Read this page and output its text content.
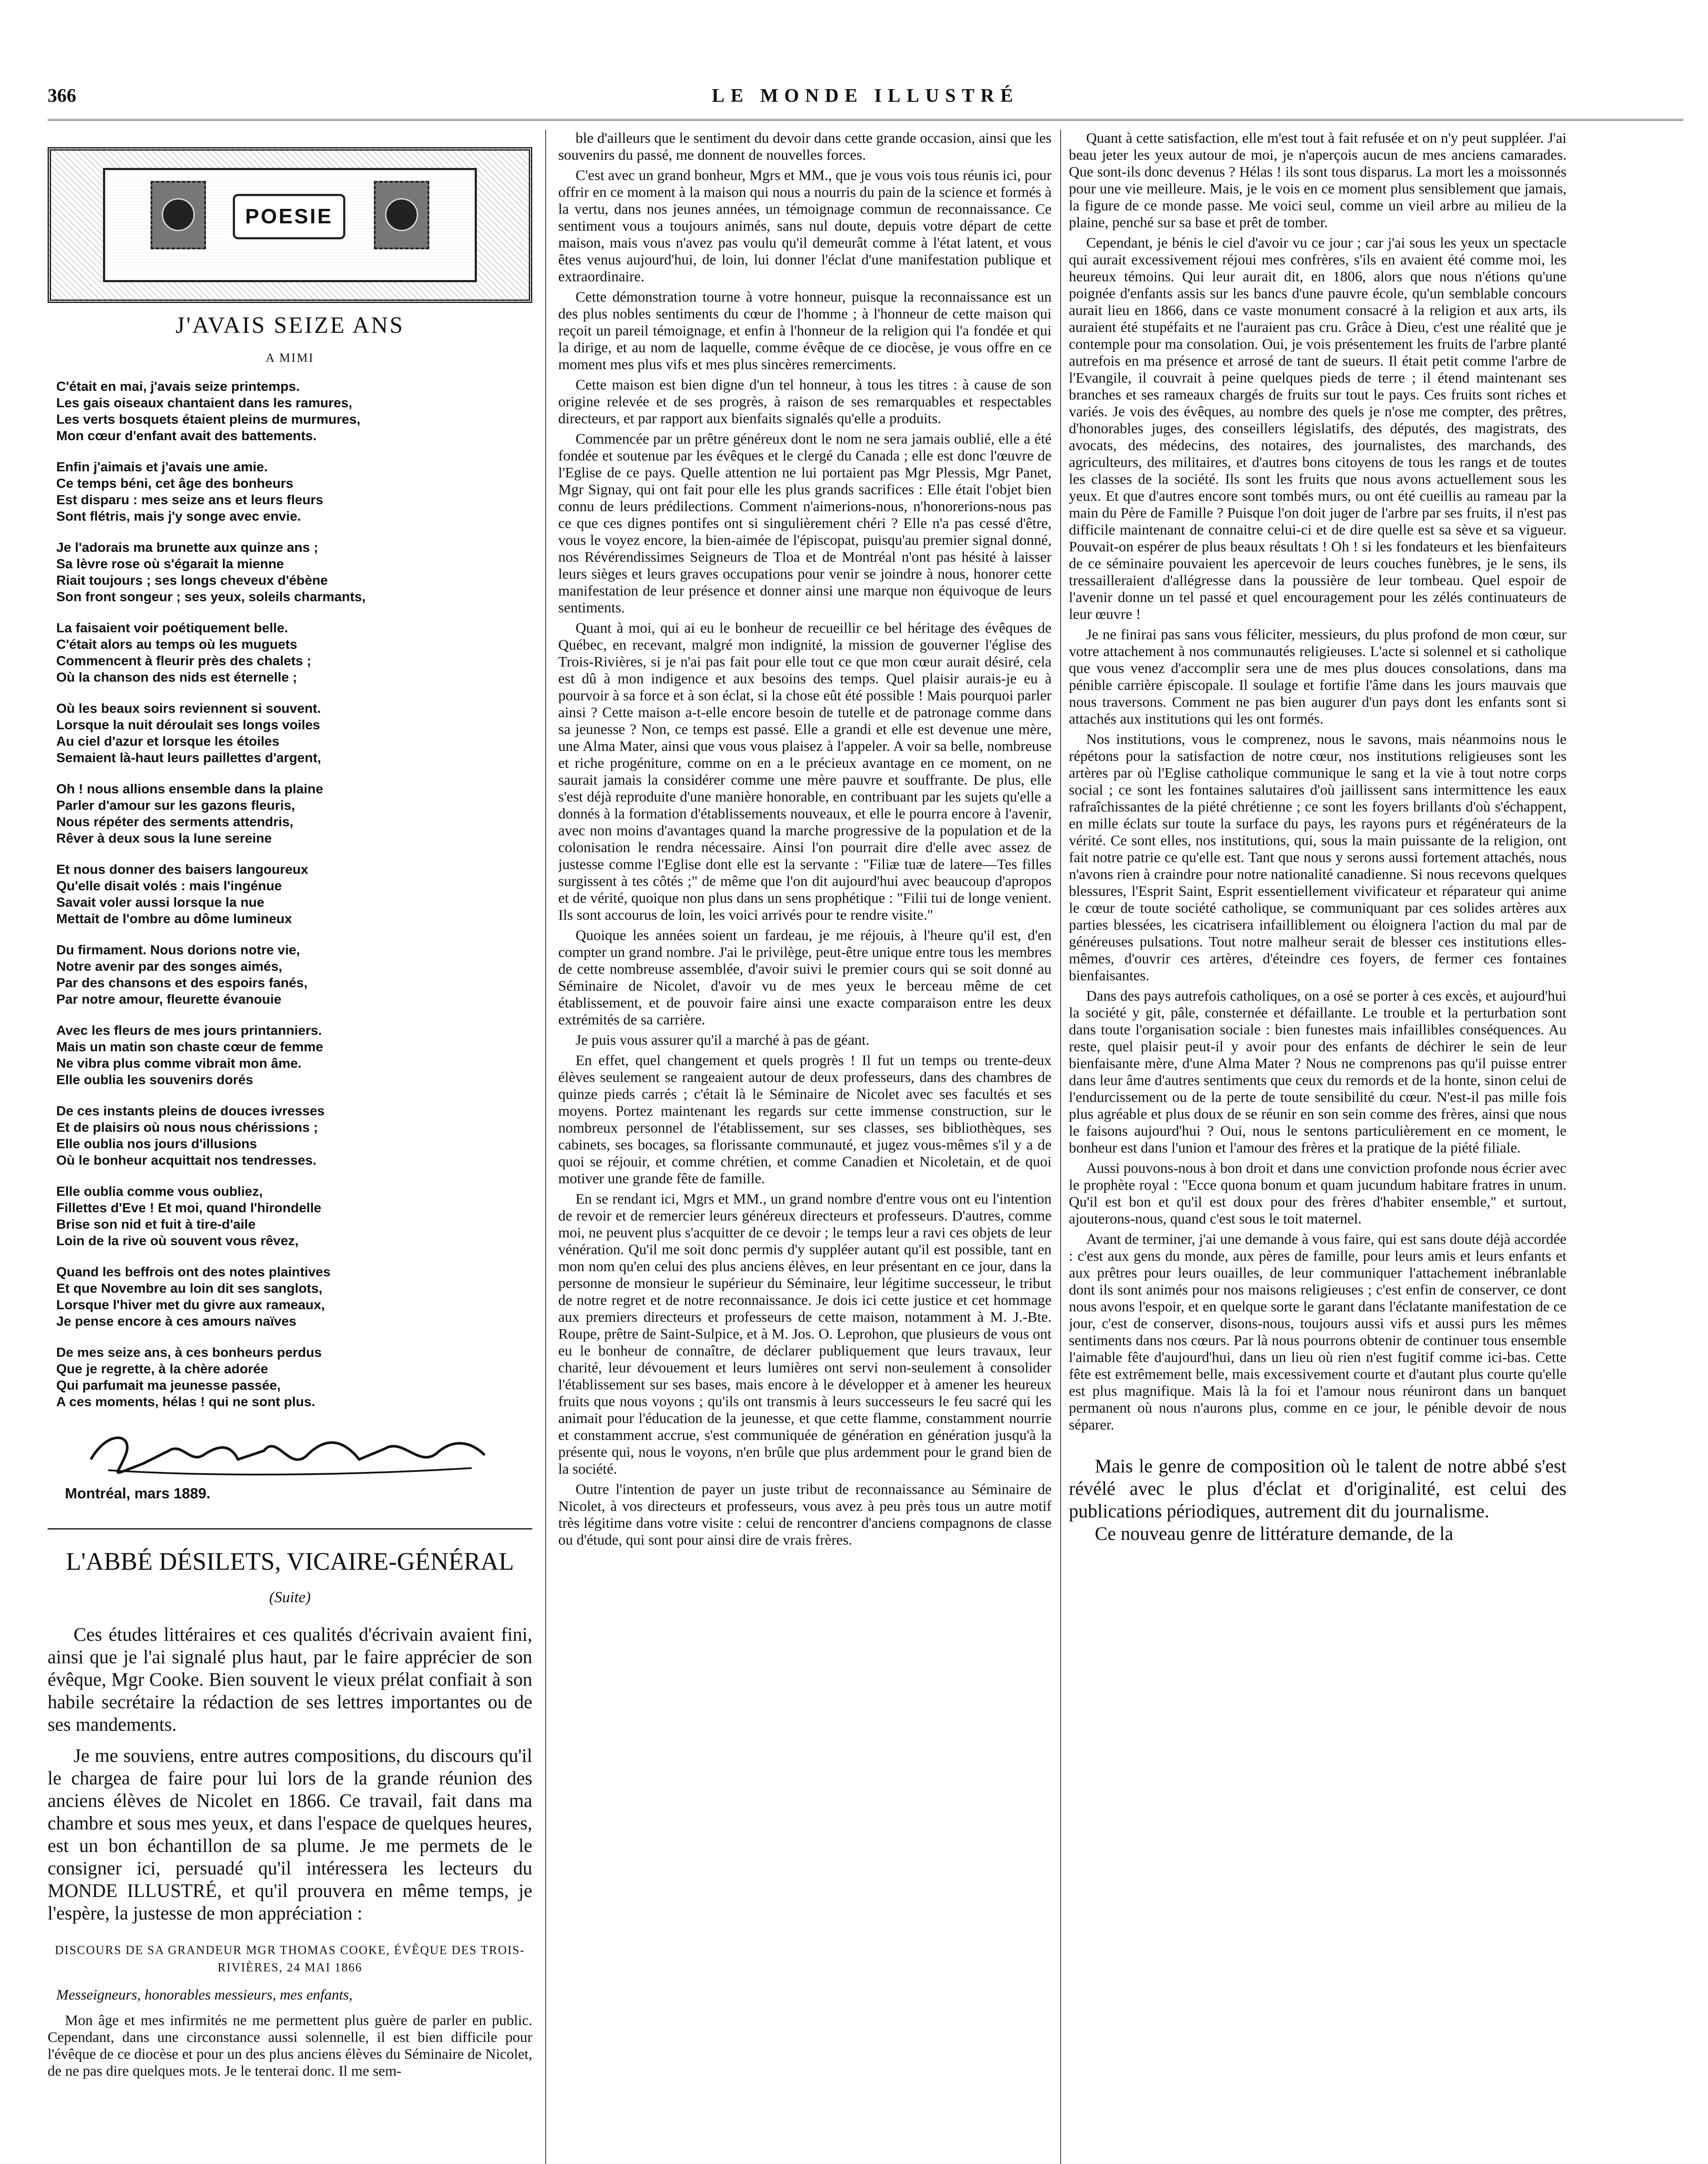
366	LE MONDE ILLUSTRÉ
POESIE
J'AVAIS SEIZE ANS
A MIMI
C'était en mai, j'avais seize printemps.
Les gais oiseaux chantaient dans les ramures,
Les verts bosquets étaient pleins de murmures,
Mon cœur d'enfant avait des battements.
Enfin j'aimais et j'avais une amie.
Ce temps béni, cet âge des bonheurs
Est disparu : mes seize ans et leurs fleurs
Sont flétris, mais j'y songe avec envie.
Je l'adorais ma brunette aux quinze ans ;
Sa lèvre rose où s'égarait la mienne
Riait toujours ; ses longs cheveux d'ébène
Son front songeur ; ses yeux, soleils charmants,
La faisaient voir poétiquement belle.
C'était alors au temps où les muguets
Commencent à fleurir près des chalets ;
Où la chanson des nids est éternelle ;
Où les beaux soirs reviennent si souvent.
Lorsque la nuit déroulait ses longs voiles
Au ciel d'azur et lorsque les étoiles
Semaient là-haut leurs paillettes d'argent,
Oh ! nous allions ensemble dans la plaine
Parler d'amour sur les gazons fleuris,
Nous répéter des serments attendris,
Rêver à deux sous la lune sereine
Et nous donner des baisers langoureux
Qu'elle disait volés : mais l'ingénue
Savait voler aussi lorsque la nue
Mettait de l'ombre au dôme lumineux
Du firmament. Nous dorions notre vie,
Notre avenir par des songes aimés,
Par des chansons et des espoirs fanés,
Par notre amour, fleurette évanouie
Avec les fleurs de mes jours printanniers.
Mais un matin son chaste cœur de femme
Ne vibra plus comme vibrait mon âme.
Elle oublia les souvenirs dorés
De ces instants pleins de douces ivresses
Et de plaisirs où nous nous chérissions ;
Elle oublia nos jours d'illusions
Où le bonheur acquittait nos tendresses.
Elle oublia comme vous oubliez,
Fillettes d'Eve ! Et moi, quand l'hirondelle
Brise son nid et fuit à tire-d'aile
Loin de la rive où souvent vous rêvez,
Quand les beffrois ont des notes plaintives
Et que Novembre au loin dit ses sanglots,
Lorsque l'hiver met du givre aux rameaux,
Je pense encore à ces amours naïves
De mes seize ans, à ces bonheurs perdus
Que je regrette, à la chère adorée
Qui parfumait ma jeunesse passée,
A ces moments, hélas ! qui ne sont plus.
Montréal, mars 1889.
L'ABBÉ DÉSILETS, VICAIRE-GÉNÉRAL
(Suite)

Ces études littéraires et ces qualités d'écrivain avaient fini, ainsi que je l'ai signalé plus haut, par le faire apprécier de son évêque, Mgr Cooke. Bien souvent le vieux prélat confiait à son habile secrétaire la rédaction de ses lettres importantes ou de ses mandements.

Je me souviens, entre autres compositions, du discours qu'il le chargea de faire pour lui lors de la grande réunion des anciens élèves de Nicolet en 1866. Ce travail, fait dans ma chambre et sous mes yeux, et dans l'espace de quelques heures, est un bon échantillon de sa plume. Je me permets de le consigner ici, persuadé qu'il intéressera les lecteurs du MONDE ILLUSTRÉ, et qu'il prouvera en même temps, je l'espère, la justesse de mon appréciation :

DISCOURS DE SA GRANDEUR MGR THOMAS COOKE, ÉVÊQUE DES TROIS-RIVIÈRES, 24 MAI 1866
Messeigneurs, honorables messieurs, mes enfants,

Mon âge et mes infirmités ne me permettent plus guère de parler en public. Cependant, dans une circonstance aussi solennelle, il est bien difficile pour l'évêque de ce diocèse et pour un des plus anciens élèves du Séminaire de Nicolet, de ne pas dire quelques mots. Je le tenterai donc. Il me sem-

ble d'ailleurs que le sentiment du devoir dans cette grande occasion, ainsi que les souvenirs du passé, me donnent de nouvelles forces.

C'est avec un grand bonheur, Mgrs et MM., que je vous vois tous réunis ici, pour offrir en ce moment à la maison qui nous a nourris du pain de la science et formés à la vertu, dans nos jeunes années, un témoignage commun de reconnaissance. Ce sentiment vous a toujours animés, sans nul doute, depuis votre départ de cette maison, mais vous n'avez pas voulu qu'il demeurât comme à l'état latent, et vous êtes venus aujourd'hui, de loin, lui donner l'éclat d'une manifestation publique et extraordinaire.

Cette démonstration tourne à votre honneur, puisque la reconnaissance est un des plus nobles sentiments du cœur de l'homme ; à l'honneur de cette maison qui reçoit un pareil témoignage, et enfin à l'honneur de la religion qui l'a fondée et qui la dirige, et au nom de laquelle, comme évêque de ce diocèse, je vous offre en ce moment mes plus vifs et mes plus sincères remerciments.

Cette maison est bien digne d'un tel honneur, à tous les titres : à cause de son origine relevée et de ses progrès, à raison de ses remarquables et respectables directeurs, et par rapport aux bienfaits signalés qu'elle a produits.

Commencée par un prêtre généreux dont le nom ne sera jamais oublié, elle a été fondée et soutenue par les évêques et le clergé du Canada ; elle est donc l'œuvre de l'Eglise de ce pays. Quelle attention ne lui portaient pas Mgr Plessis, Mgr Panet, Mgr Signay, qui ont fait pour elle les plus grands sacrifices : Elle était l'objet bien connu de leurs prédilections. Comment n'aimerions-nous, n'honorerions-nous pas ce que ces dignes pontifes ont si singulièrement chéri ? Elle n'a pas cessé d'être, vous le voyez encore, la bien-aimée de l'épiscopat, puisqu'au premier signal donné, nos Révérendissimes Seigneurs de Tloa et de Montréal n'ont pas hésité à laisser leurs sièges et leurs graves occupations pour venir se joindre à nous, honorer cette manifestation de leur présence et donner ainsi une marque non équivoque de leurs sentiments.

Quant à moi, qui ai eu le bonheur de recueillir ce bel héritage des évêques de Québec, en recevant, malgré mon indignité, la mission de gouverner l'église des Trois-Rivières, si je n'ai pas fait pour elle tout ce que mon cœur aurait désiré, cela est dû à mon indigence et aux besoins des temps. Quel plaisir aurais-je eu à pourvoir à sa force et à son éclat, si la chose eût été possible ! Mais pourquoi parler ainsi ? Cette maison a-t-elle encore besoin de tutelle et de patronage comme dans sa jeunesse ? Non, ce temps est passé. Elle a grandi et elle est devenue une mère, une Alma Mater, ainsi que vous vous plaisez à l'appeler. A voir sa belle, nombreuse et riche progéniture, comme on en a le précieux avantage en ce moment, on ne saurait jamais la considérer comme une mère pauvre et souffrante. De plus, elle s'est déjà reproduite d'une manière honorable, en contribuant par les sujets qu'elle a donnés à la formation d'établissements nouveaux, et elle le pourra encore à l'avenir, avec non moins d'avantages quand la marche progressive de la population et de la colonisation le rendra nécessaire. Ainsi l'on pourrait dire d'elle avec assez de justesse comme l'Eglise dont elle est la servante : "Filiæ tuæ de latere—Tes filles surgissent à tes côtés ;" de même que l'on dit aujourd'hui avec beaucoup d'apropos et de vérité, quoique non plus dans un sens prophétique : "Filii tui de longe venient. Ils sont accourus de loin, les voici arrivés pour te rendre visite."

Quoique les années soient un fardeau, je me réjouis, à l'heure qu'il est, d'en compter un grand nombre. J'ai le privilège, peut-être unique entre tous les membres de cette nombreuse assemblée, d'avoir suivi le premier cours qui se soit donné au Séminaire de Nicolet, d'avoir vu de mes yeux le berceau même de cet établissement, et de pouvoir faire ainsi une exacte comparaison entre les deux extrémités de sa carrière.

Je puis vous assurer qu'il a marché à pas de géant.

En effet, quel changement et quels progrès ! Il fut un temps ou trente-deux élèves seulement se rangeaient autour de deux professeurs, dans des chambres de quinze pieds carrés ; c'était là le Séminaire de Nicolet avec ses facultés et ses moyens. Portez maintenant les regards sur cette immense construction, sur le nombreux personnel de l'établissement, sur ses classes, ses bibliothèques, ses cabinets, ses bocages, sa florissante communauté, et jugez vous-mêmes s'il y a de quoi se réjouir, et comme chrétien, et comme Canadien et Nicoletain, et de quoi motiver une grande fête de famille.

En se rendant ici, Mgrs et MM., un grand nombre d'entre vous ont eu l'intention de revoir et de remercier leurs généreux directeurs et professeurs. D'autres, comme moi, ne peuvent plus s'acquitter de ce devoir ; le temps leur a ravi ces objets de leur vénération. Qu'il me soit donc permis d'y suppléer autant qu'il est possible, tant en mon nom qu'en celui des plus anciens élèves, en leur présentant en ce jour, dans la personne de monsieur le supérieur du Séminaire, leur légitime successeur, le tribut de notre regret et de notre reconnaissance. Je dois ici cette justice et cet hommage aux premiers directeurs et professeurs de cette maison, notamment à M. J.-Bte. Roupe, prêtre de Saint-Sulpice, et à M. Jos. O. Leprohon, que plusieurs de vous ont eu le bonheur de connaître, de déclarer publiquement que leurs travaux, leur charité, leur dévouement et leurs lumières ont servi non-seulement à consolider l'établissement sur ses bases, mais encore à le développer et à amener les heureux fruits que nous voyons ; qu'ils ont transmis à leurs successeurs le feu sacré qui les animait pour l'éducation de la jeunesse, et que cette flamme, constamment nourrie et constamment accrue, s'est communiquée de génération en génération jusqu'à la présente qui, nous le voyons, n'en brûle que plus ardemment pour le grand bien de la société.

Outre l'intention de payer un juste tribut de reconnaissance au Séminaire de Nicolet, à vos directeurs et professeurs, vous avez à peu près tous un autre motif très légitime dans votre visite : celui de rencontrer d'anciens compagnons de classe ou d'étude, qui sont pour ainsi dire de vrais frères.

Quant à cette satisfaction, elle m'est tout à fait refusée et on n'y peut suppléer. J'ai beau jeter les yeux autour de moi, je n'aperçois aucun de mes anciens camarades. Que sont-ils donc devenus ? Hélas ! ils sont tous disparus. La mort les a moissonnés pour une vie meilleure. Mais, je le vois en ce moment plus sensiblement que jamais, la figure de ce monde passe. Me voici seul, comme un vieil arbre au milieu de la plaine, penché sur sa base et prêt de tomber.

Cependant, je bénis le ciel d'avoir vu ce jour ; car j'ai sous les yeux un spectacle qui aurait excessivement réjoui mes confrères, s'ils en avaient été comme moi, les heureux témoins. Qui leur aurait dit, en 1806, alors que nous n'étions qu'une poignée d'enfants assis sur les bancs d'une pauvre école, qu'un semblable concours aurait lieu en 1866, dans ce vaste monument consacré à la religion et aux arts, ils auraient été stupéfaits et ne l'auraient pas cru. Grâce à Dieu, c'est une réalité que je contemple pour ma consolation. Oui, je vois présentement les fruits de l'arbre planté autrefois en ma présence et arrosé de tant de sueurs. Il était petit comme l'arbre de l'Evangile, il couvrait à peine quelques pieds de terre ; il étend maintenant ses branches et ses rameaux chargés de fruits sur tout le pays. Ces fruits sont riches et variés. Je vois des évêques, au nombre des quels je n'ose me compter, des prêtres, d'honorables juges, des conseillers législatifs, des députés, des magistrats, des avocats, des médecins, des notaires, des journalistes, des marchands, des agriculteurs, des militaires, et d'autres bons citoyens de tous les rangs et de toutes les classes de la société. Ils sont les fruits que nous avons actuellement sous les yeux. Et que d'autres encore sont tombés murs, ou ont été cueillis au rameau par la main du Père de Famille ? Puisque l'on doit juger de l'arbre par ses fruits, il n'est pas difficile maintenant de connaitre celui-ci et de dire quelle est sa sève et sa vigueur. Pouvait-on espérer de plus beaux résultats ! Oh ! si les fondateurs et les bienfaiteurs de ce séminaire pouvaient les apercevoir de leurs couches funèbres, je le sens, ils tressailleraient d'allégresse dans la poussière de leur tombeau. Quel espoir de l'avenir donne un tel passé et quel encouragement pour les zélés continuateurs de leur œuvre !

Je ne finirai pas sans vous féliciter, messieurs, du plus profond de mon cœur, sur votre attachement à nos communautés religieuses. L'acte si solennel et si catholique que vous venez d'accomplir sera une de mes plus douces consolations, dans ma pénible carrière épiscopale. Il soulage et fortifie l'âme dans les jours mauvais que nous traversons. Comment ne pas bien augurer d'un pays dont les enfants sont si attachés aux institutions qui les ont formés.

Nos institutions, vous le comprenez, nous le savons, mais néanmoins nous le répétons pour la satisfaction de notre cœur, nos institutions religieuses sont les artères par où l'Eglise catholique communique le sang et la vie à tout notre corps social ; ce sont les fontaines salutaires d'où jaillissent sans intermittence les eaux rafraîchissantes de la piété chrétienne ; ce sont les foyers brillants d'où s'échappent, en mille éclats sur toute la surface du pays, les rayons purs et régénérateurs de la vérité. Ce sont elles, nos institutions, qui, sous la main puissante de la religion, ont fait notre patrie ce qu'elle est. Tant que nous y serons aussi fortement attachés, nous n'avons rien à craindre pour notre nationalité canadienne. Si nous recevons quelques blessures, l'Esprit Saint, Esprit essentiellement vivificateur et réparateur qui anime le cœur de toute société catholique, se communiquant par ces solides artères aux parties blessées, les cicatrisera infailliblement ou éloignera l'action du mal par de généreuses pulsations. Tout notre malheur serait de blesser ces institutions elles-mêmes, d'ouvrir ces artères, d'éteindre ces foyers, de fermer ces fontaines bienfaisantes.

Dans des pays autrefois catholiques, on a osé se porter à ces excès, et aujourd'hui la société y git, pâle, consternée et défaillante. Le trouble et la perturbation sont dans toute l'organisation sociale : bien funestes mais infaillibles conséquences. Au reste, quel plaisir peut-il y avoir pour des enfants de déchirer le sein de leur bienfaisante mère, d'une Alma Mater ? Nous ne comprenons pas qu'il puisse entrer dans leur âme d'autres sentiments que ceux du remords et de la honte, sinon celui de l'endurcissement ou de la perte de toute sensibilité du cœur. N'est-il pas mille fois plus agréable et plus doux de se réunir en son sein comme des frères, ainsi que nous le faisons aujourd'hui ? Oui, nous le sentons particulièrement en ce moment, le bonheur est dans l'union et l'amour des frères et la pratique de la piété filiale.

Aussi pouvons-nous à bon droit et dans une conviction profonde nous écrier avec le prophète royal : "Ecce quona bonum et quam jucundum habitare fratres in unum. Qu'il est bon et qu'il est doux pour des frères d'habiter ensemble," et surtout, ajouterons-nous, quand c'est sous le toit maternel.

Avant de terminer, j'ai une demande à vous faire, qui est sans doute déjà accordée : c'est aux gens du monde, aux pères de famille, pour leurs amis et leurs enfants et aux prêtres pour leurs ouailles, de leur communiquer l'attachement inébranlable dont ils sont animés pour nos maisons religieuses ; c'est enfin de conserver, ce dont nous avons l'espoir, et en quelque sorte le garant dans l'éclatante manifestation de ce jour, c'est de conserver, disons-nous, toujours aussi vifs et aussi purs les mêmes sentiments dans nos cœurs. Par là nous pourrons obtenir de continuer tous ensemble l'aimable fête d'aujourd'hui, dans un lieu où rien n'est fugitif comme ici-bas. Cette fête est extrêmement belle, mais excessivement courte et d'autant plus courte qu'elle est plus magnifique. Mais là la foi et l'amour nous réuniront dans un banquet permanent où nous n'aurons plus, comme en ce jour, le pénible devoir de nous séparer.

Mais le genre de composition où le talent de notre abbé s'est révélé avec le plus d'éclat et d'originalité, est celui des publications périodiques, autrement dit du journalisme.

Ce nouveau genre de littérature demande, de la
